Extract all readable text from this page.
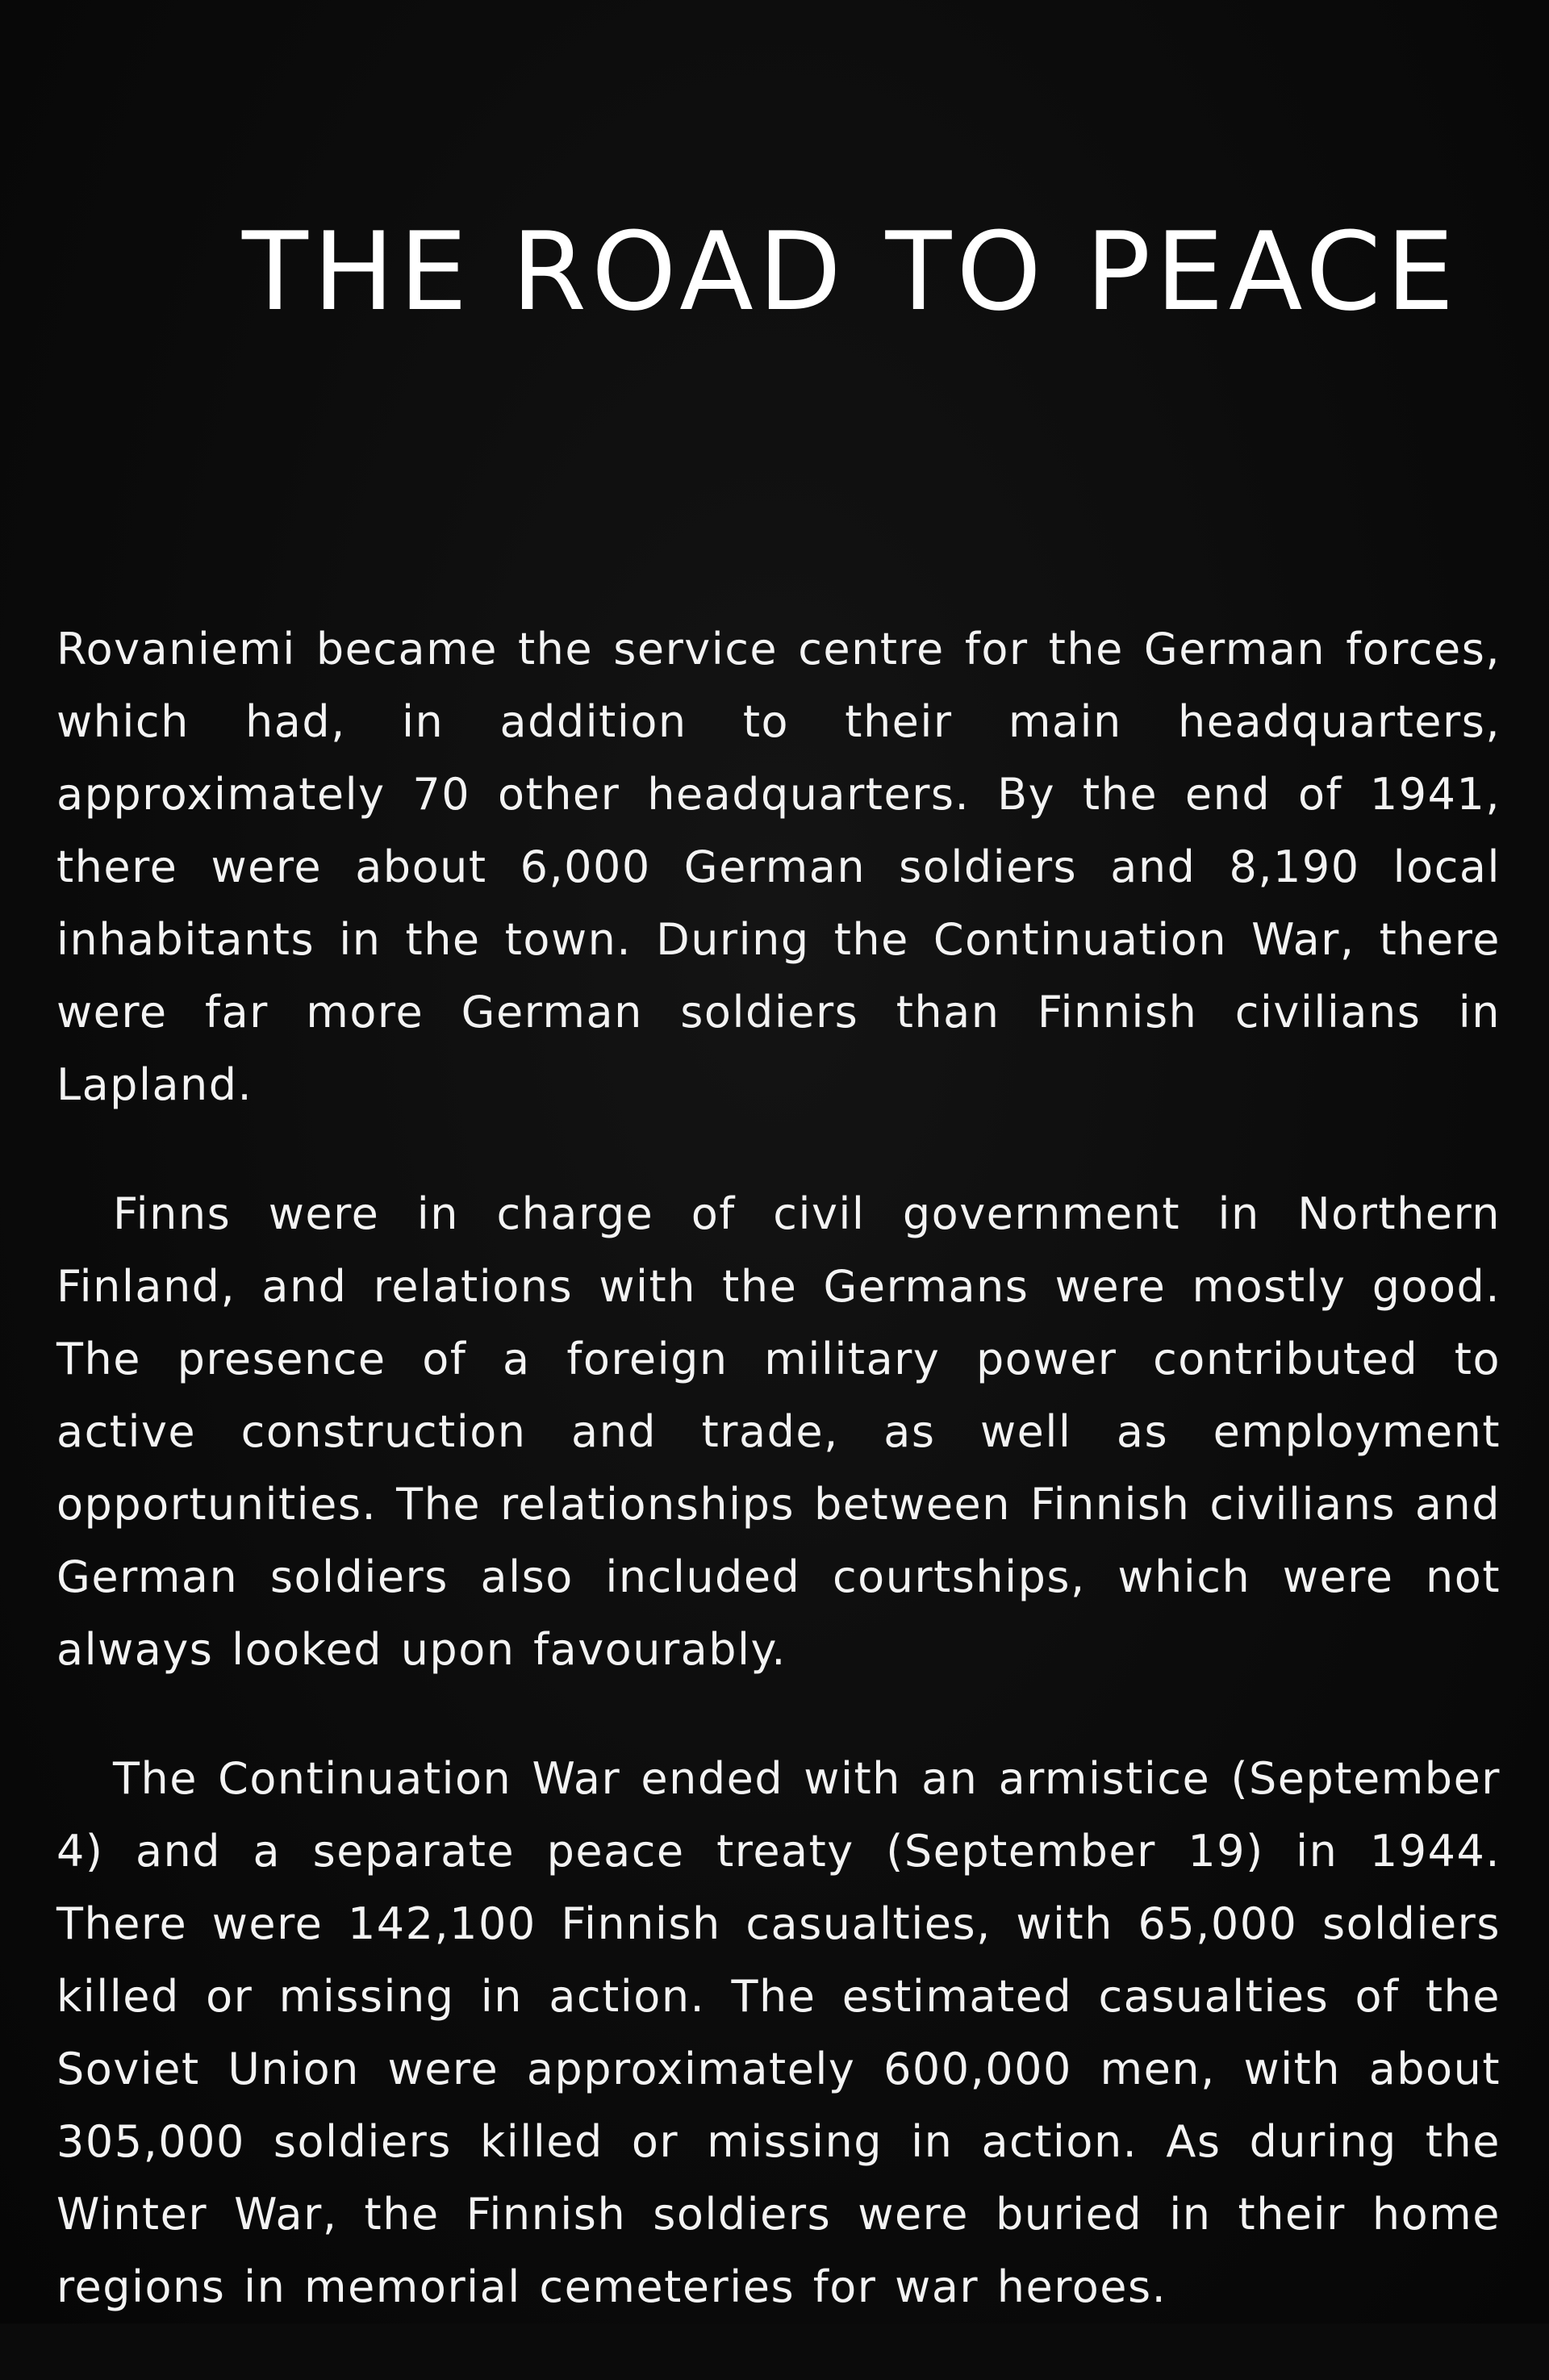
THE ROAD TO PEACE

Rovaniemi became the service centre for the German forces, which had, in addition to their main headquarters, approximately 70 other headquarters. By the end of 1941, there were about 6,000 German soldiers and 8,190 local inhabitants in the town. During the Continuation War, there were far more German soldiers than Finnish civilians in Lapland.

Finns were in charge of civil government in Northern Finland, and relations with the Germans were mostly good. The presence of a foreign military power contributed to active construction and trade, as well as employment opportunities. The relationships between Finnish civilians and German soldiers also included courtships, which were not always looked upon favourably.

The Continuation War ended with an armistice (September 4) and a separate peace treaty (September 19) in 1944. There were 142,100 Finnish casualties, with 65,000 soldiers killed or missing in action. The estimated casualties of the Soviet Union were approximately 600,000 men, with about 305,000 soldiers killed or missing in action. As during the Winter War, the Finnish soldiers were buried in their home regions in memorial cemeteries for war heroes.
